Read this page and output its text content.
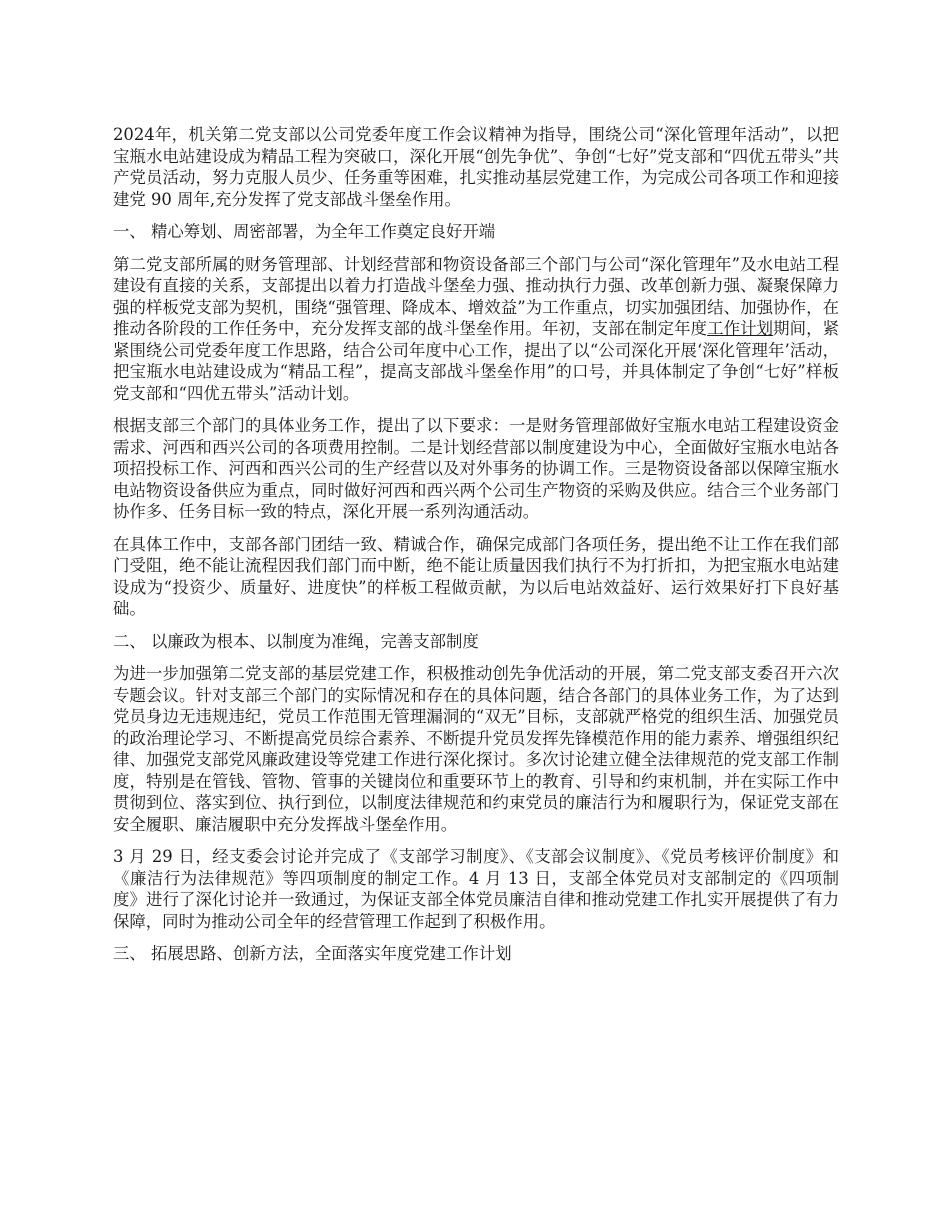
2024年，机关第二党支部以公司党委年度工作会议精神为指导，围绕公司“深化管理年活动”，以把宝瓶水电站建设成为精品工程为突破口，深化开展“创先争优”、争创“七好”党支部和“四优五带头”共产党员活动，努力克服人员少、任务重等困难，扎实推动基层党建工作，为完成公司各项工作和迎接建党 90 周年,充分发挥了党支部战斗堡垒作用。

一、 精心筹划、周密部署，为全年工作奠定良好开端

第二党支部所属的财务管理部、计划经营部和物资设备部三个部门与公司“深化管理年”及水电站工程建设有直接的关系，支部提出以着力打造战斗堡垒力强、推动执行力强、改革创新力强、凝聚保障力强的样板党支部为契机，围绕“强管理、降成本、增效益”为工作重点，切实加强团结、加强协作，在推动各阶段的工作任务中，充分发挥支部的战斗堡垒作用。年初，支部在制定年度工作计划期间，紧紧围绕公司党委年度工作思路，结合公司年度中心工作，提出了以“公司深化开展‘深化管理年’活动，把宝瓶水电站建设成为“精品工程”，提高支部战斗堡垒作用”的口号，并具体制定了争创“七好”样板党支部和“四优五带头”活动计划。

根据支部三个部门的具体业务工作，提出了以下要求：一是财务管理部做好宝瓶水电站工程建设资金需求、河西和西兴公司的各项费用控制。二是计划经营部以制度建设为中心，全面做好宝瓶水电站各项招投标工作、河西和西兴公司的生产经营以及对外事务的协调工作。三是物资设备部以保障宝瓶水电站物资设备供应为重点，同时做好河西和西兴两个公司生产物资的采购及供应。结合三个业务部门协作多、任务目标一致的特点，深化开展一系列沟通活动。

在具体工作中，支部各部门团结一致、精诚合作，确保完成部门各项任务，提出绝不让工作在我们部门受阻，绝不能让流程因我们部门而中断，绝不能让质量因我们执行不为打折扣，为把宝瓶水电站建设成为“投资少、质量好、进度快”的样板工程做贡献，为以后电站效益好、运行效果好打下良好基础。

二、 以廉政为根本、以制度为准绳，完善支部制度

为进一步加强第二党支部的基层党建工作，积极推动创先争优活动的开展，第二党支部支委召开六次专题会议。针对支部三个部门的实际情况和存在的具体问题，结合各部门的具体业务工作，为了达到党员身边无违规违纪，党员工作范围无管理漏洞的“双无”目标，支部就严格党的组织生活、加强党员的政治理论学习、不断提高党员综合素养、不断提升党员发挥先锋模范作用的能力素养、增强组织纪律、加强党支部党风廉政建设等党建工作进行深化探讨。多次讨论建立健全法律规范的党支部工作制度，特别是在管钱、管物、管事的关键岗位和重要环节上的教育、引导和约束机制，并在实际工作中贯彻到位、落实到位、执行到位，以制度法律规范和约束党员的廉洁行为和履职行为，保证党支部在安全履职、廉洁履职中充分发挥战斗堡垒作用。

3 月 29 日，经支委会讨论并完成了《支部学习制度》、《支部会议制度》、《党员考核评价制度》和《廉洁行为法律规范》等四项制度的制定工作。4 月 13 日，支部全体党员对支部制定的《四项制度》进行了深化讨论并一致通过，为保证支部全体党员廉洁自律和推动党建工作扎实开展提供了有力保障，同时为推动公司全年的经营管理工作起到了积极作用。

三、 拓展思路、创新方法，全面落实年度党建工作计划
